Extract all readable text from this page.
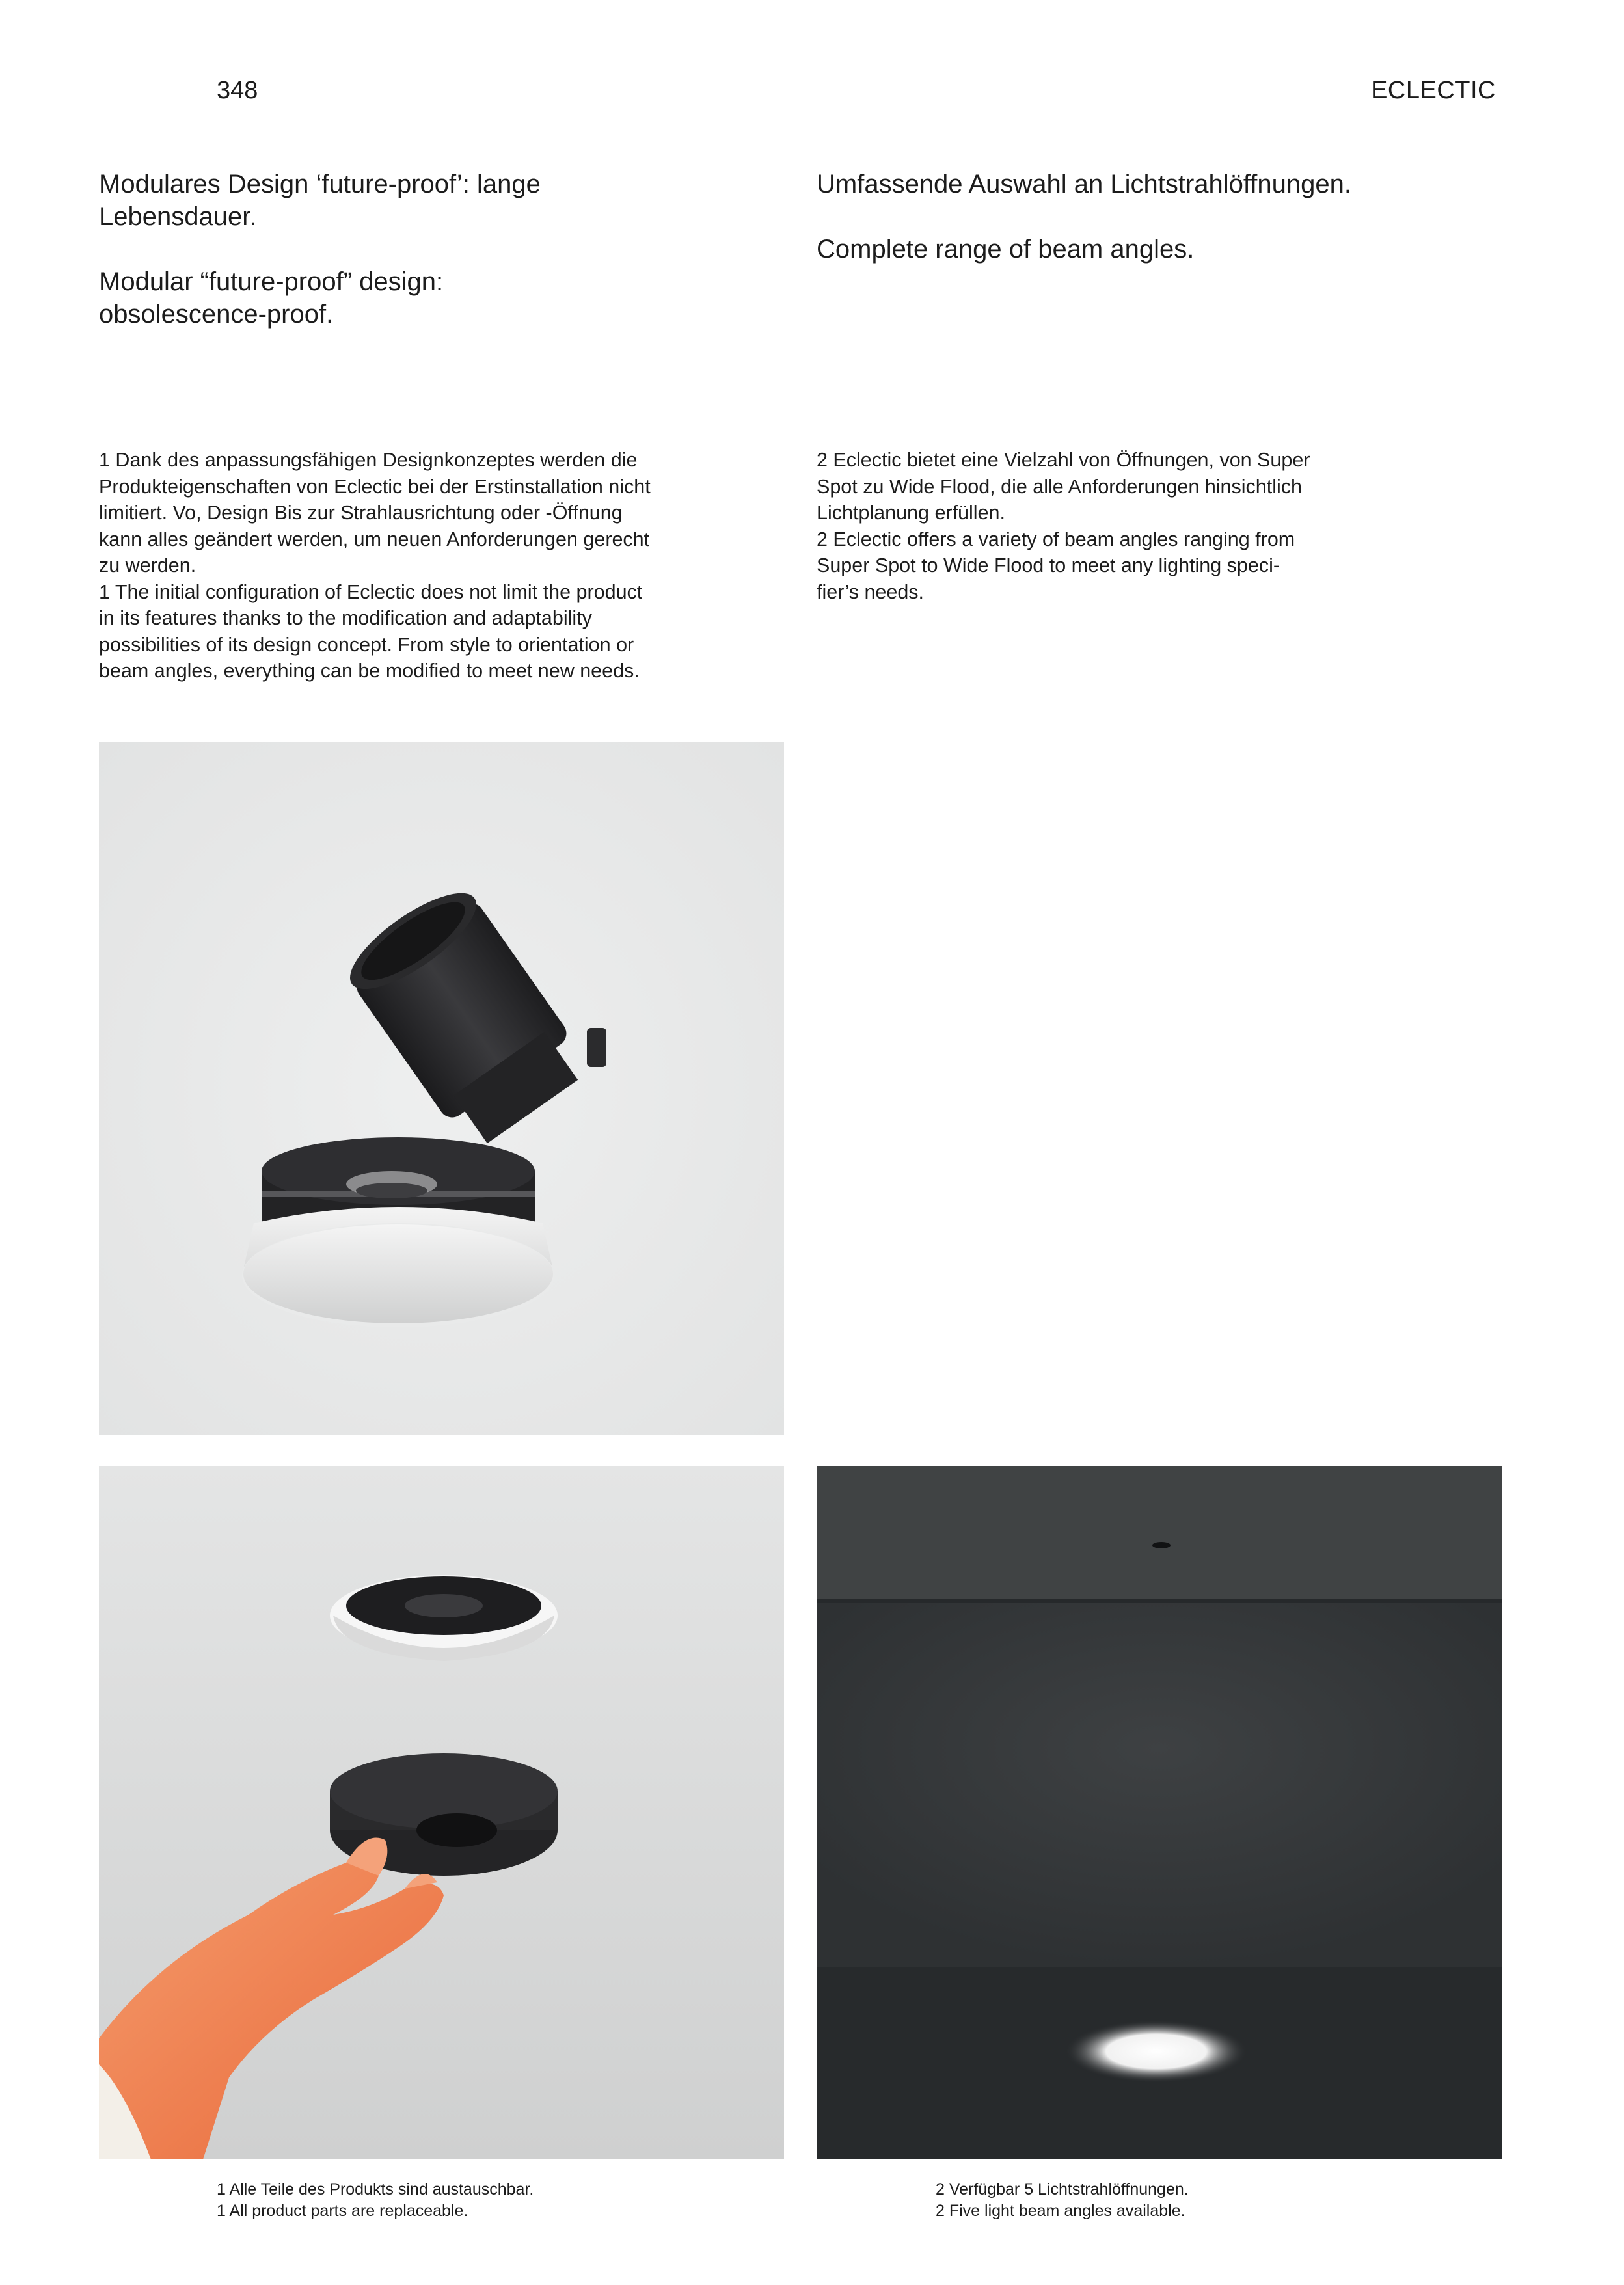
348	ECLECTIC
Modulares Design ‘future-proof’: lange
Lebensdauer.

Modular “future-proof” design:
obsolescence-proof.
Umfassende Auswahl an Lichtstrahlöffnungen.

Complete range of beam angles.
1 Dank des anpassungsfähigen Designkonzeptes werden die
Produkteigenschaften von Eclectic bei der Erstinstallation nicht
limitiert. Vo, Design Bis zur Strahlausrichtung oder -Öffnung
kann alles geändert werden, um neuen Anforderungen gerecht
zu werden.
1 The initial configuration of Eclectic does not limit the product
in its features thanks to the modification and adaptability
possibilities of its design concept. From style to orientation or
beam angles, everything can be modified to meet new needs.
2 Eclectic bietet eine Vielzahl von Öffnungen, von Super
Spot zu Wide Flood, die alle Anforderungen hinsichtlich
Lichtplanung erfüllen.
2 Eclectic offers a variety of beam angles ranging from
Super Spot to Wide Flood to meet any lighting speci-
fier’s needs.
1 Alle Teile des Produkts sind austauschbar.
1 All product parts are replaceable.
2 Verfügbar 5 Lichtstrahlöffnungen.
2 Five light beam angles available.
